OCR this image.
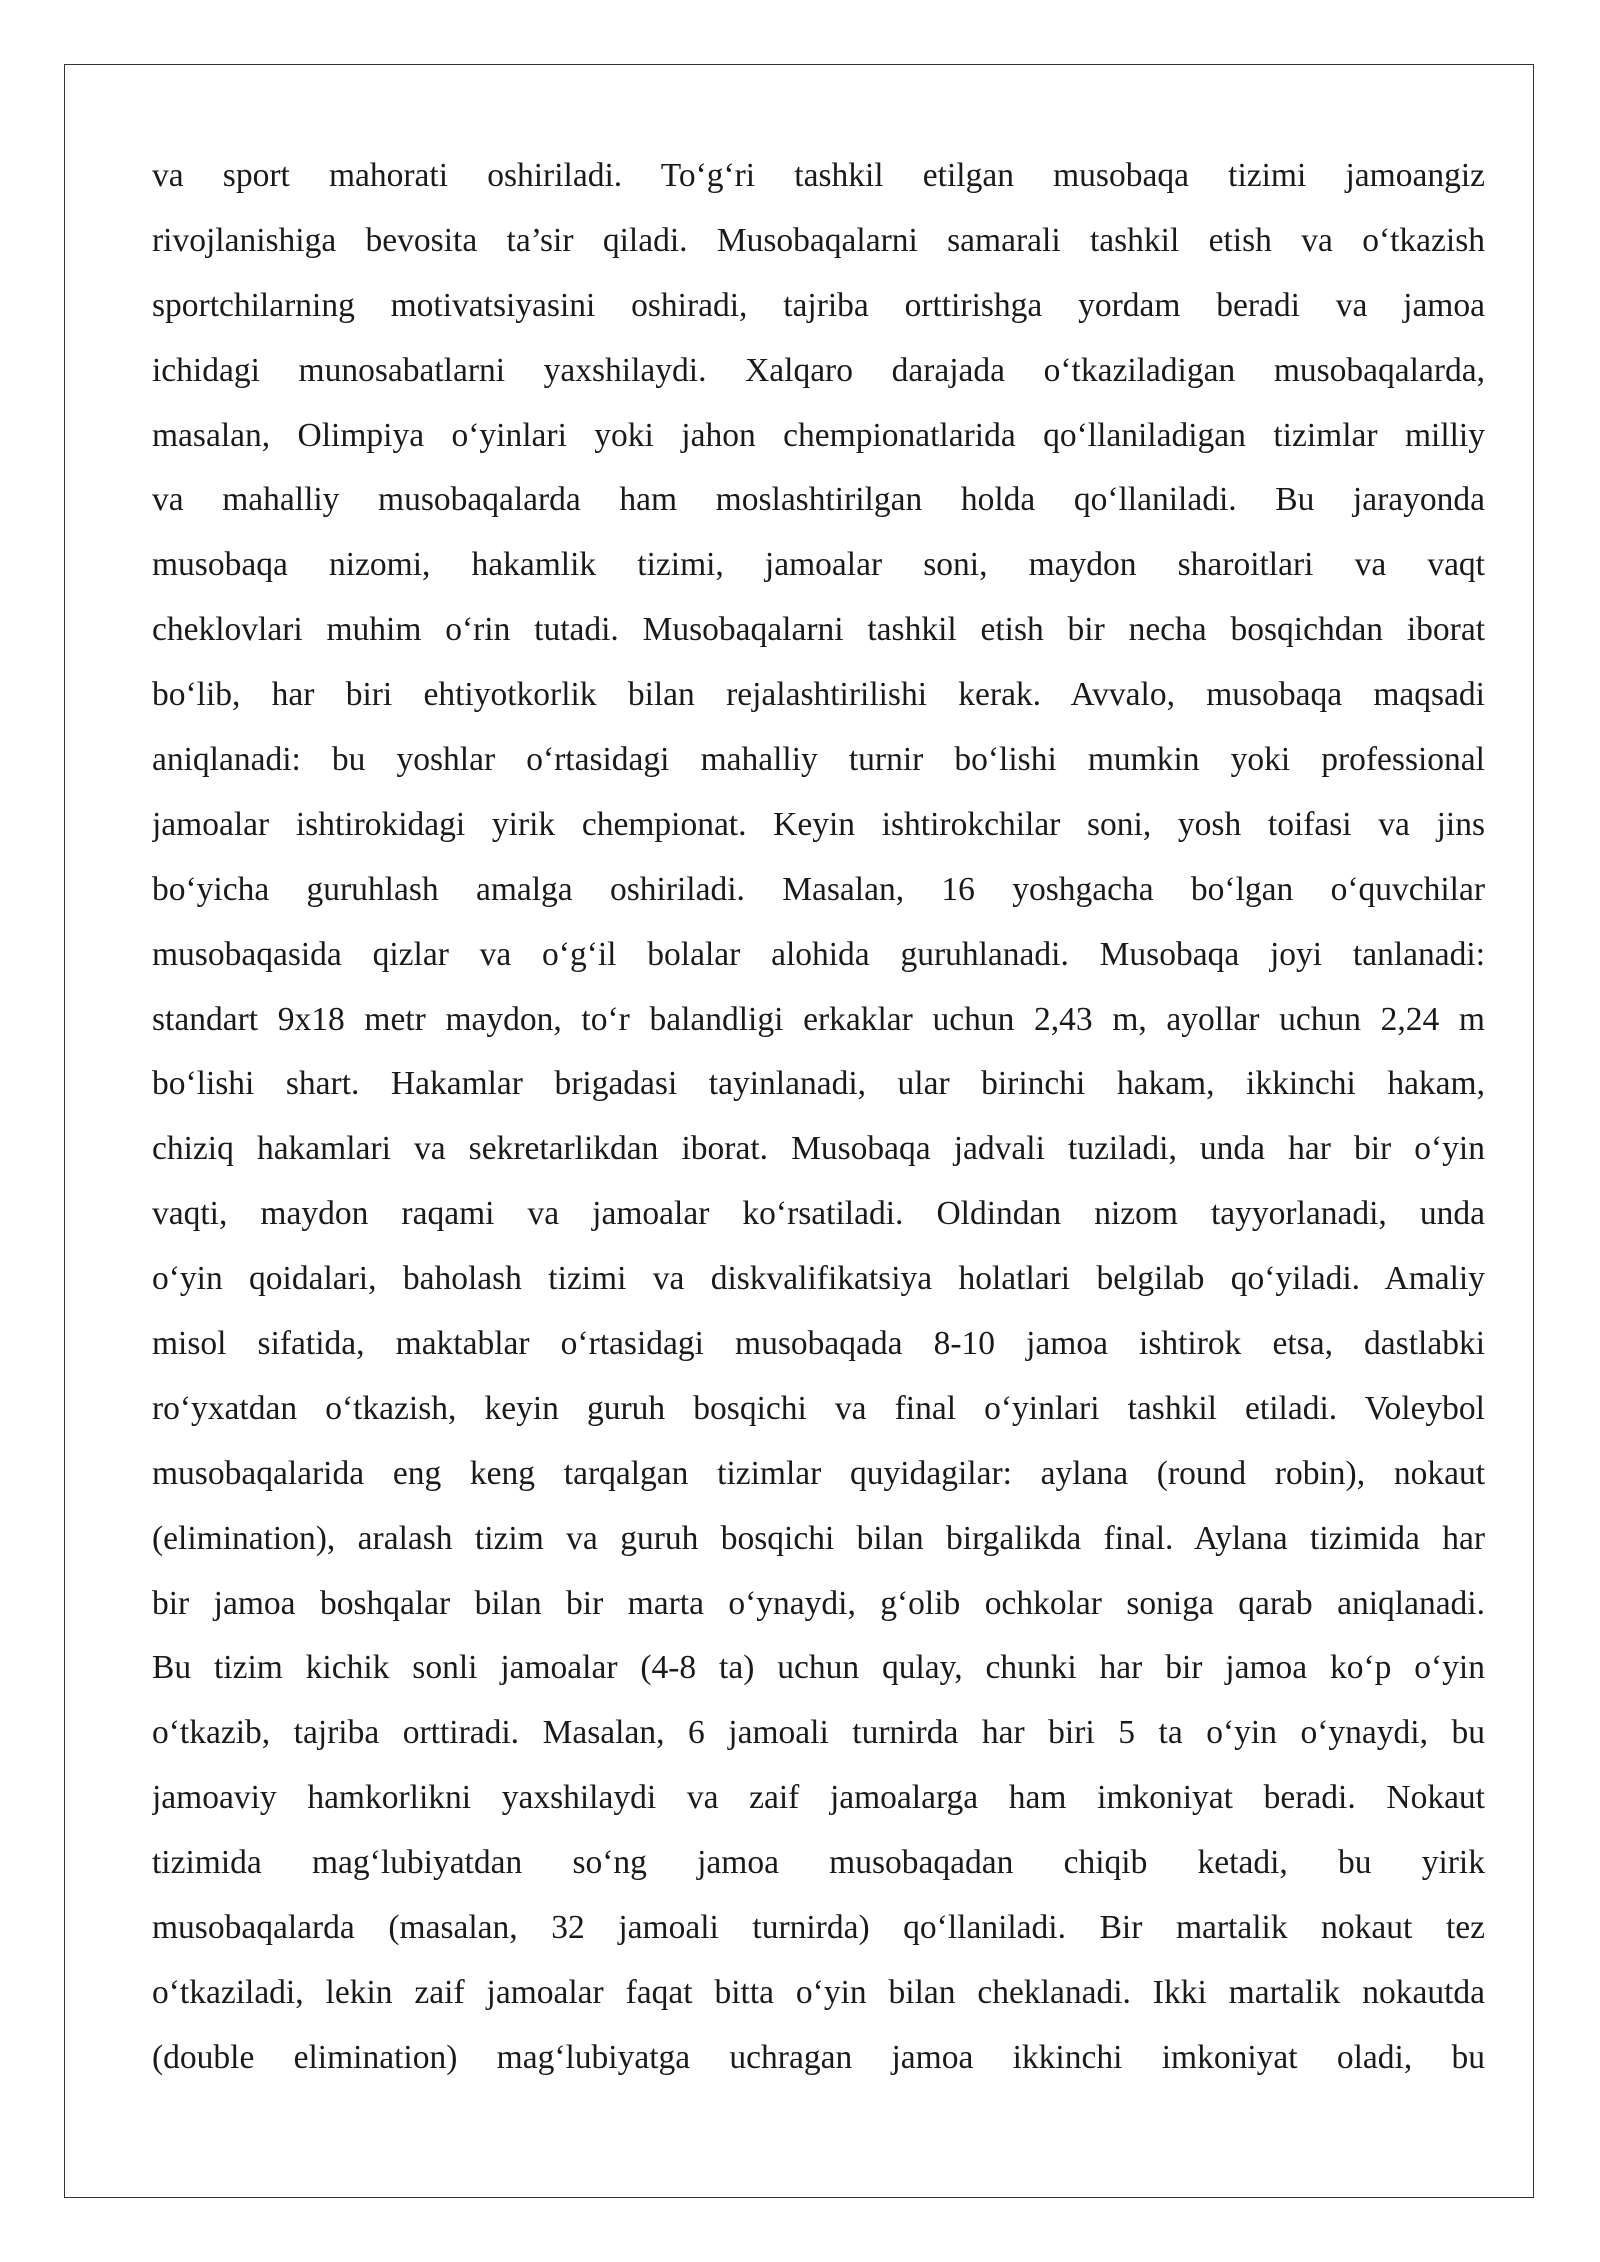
va sport mahorati oshiriladi. To‘g‘ri tashkil etilgan musobaqa tizimi jamoangiz
rivojlanishiga bevosita ta’sir qiladi. Musobaqalarni samarali tashkil etish va o‘tkazish
sportchilarning motivatsiyasini oshiradi, tajriba orttirishga yordam beradi va jamoa
ichidagi munosabatlarni yaxshilaydi. Xalqaro darajada o‘tkaziladigan musobaqalarda,
masalan, Olimpiya o‘yinlari yoki jahon chempionatlarida qo‘llaniladigan tizimlar milliy
va mahalliy musobaqalarda ham moslashtirilgan holda qo‘llaniladi. Bu jarayonda
musobaqa nizomi, hakamlik tizimi, jamoalar soni, maydon sharoitlari va vaqt
cheklovlari muhim o‘rin tutadi. Musobaqalarni tashkil etish bir necha bosqichdan iborat
bo‘lib, har biri ehtiyotkorlik bilan rejalashtirilishi kerak. Avvalo, musobaqa maqsadi
aniqlanadi: bu yoshlar o‘rtasidagi mahalliy turnir bo‘lishi mumkin yoki professional
jamoalar ishtirokidagi yirik chempionat. Keyin ishtirokchilar soni, yosh toifasi va jins
bo‘yicha guruhlash amalga oshiriladi. Masalan, 16 yoshgacha bo‘lgan o‘quvchilar
musobaqasida qizlar va o‘g‘il bolalar alohida guruhlanadi. Musobaqa joyi tanlanadi:
standart 9x18 metr maydon, to‘r balandligi erkaklar uchun 2,43 m, ayollar uchun 2,24 m
bo‘lishi shart. Hakamlar brigadasi tayinlanadi, ular birinchi hakam, ikkinchi hakam,
chiziq hakamlari va sekretarlikdan iborat. Musobaqa jadvali tuziladi, unda har bir o‘yin
vaqti, maydon raqami va jamoalar ko‘rsatiladi. Oldindan nizom tayyorlanadi, unda
o‘yin qoidalari, baholash tizimi va diskvalifikatsiya holatlari belgilab qo‘yiladi. Amaliy
misol sifatida, maktablar o‘rtasidagi musobaqada 8-10 jamoa ishtirok etsa, dastlabki
ro‘yxatdan o‘tkazish, keyin guruh bosqichi va final o‘yinlari tashkil etiladi. Voleybol
musobaqalarida eng keng tarqalgan tizimlar quyidagilar: aylana (round robin), nokaut
(elimination), aralash tizim va guruh bosqichi bilan birgalikda final. Aylana tizimida har
bir jamoa boshqalar bilan bir marta o‘ynaydi, g‘olib ochkolar soniga qarab aniqlanadi.
Bu tizim kichik sonli jamoalar (4-8 ta) uchun qulay, chunki har bir jamoa ko‘p o‘yin
o‘tkazib, tajriba orttiradi. Masalan, 6 jamoali turnirda har biri 5 ta o‘yin o‘ynaydi, bu
jamoaviy hamkorlikni yaxshilaydi va zaif jamoalarga ham imkoniyat beradi. Nokaut
tizimida mag‘lubiyatdan so‘ng jamoa musobaqadan chiqib ketadi, bu yirik
musobaqalarda (masalan, 32 jamoali turnirda) qo‘llaniladi. Bir martalik nokaut tez
o‘tkaziladi, lekin zaif jamoalar faqat bitta o‘yin bilan cheklanadi. Ikki martalik nokautda
(double elimination) mag‘lubiyatga uchragan jamoa ikkinchi imkoniyat oladi, bu
